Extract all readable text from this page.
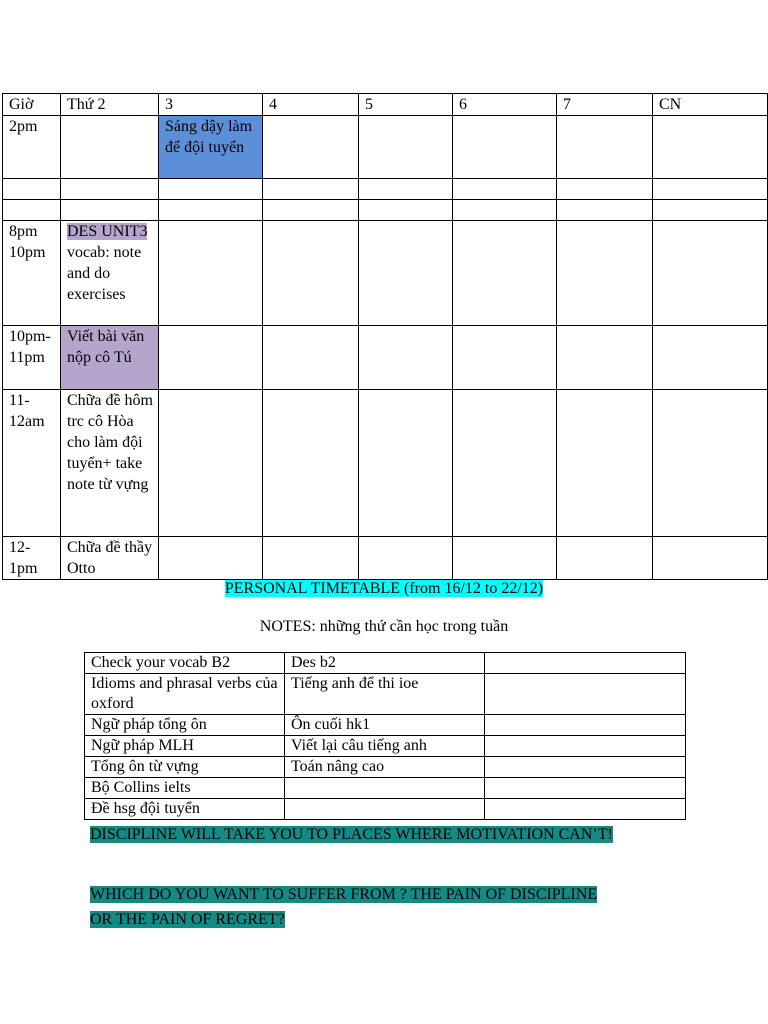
Giờ	Thứ 2	3	4	5	6	7	CN
2pm		Sáng dậy làm để đội tuyển					

8pm
10pm	DES UNIT3 vocab: note and do exercises						

10pm-
11pm	Viết bài văn nộp cô Tú						

11-
12am	Chữa đề hôm trc cô Hòa cho làm đội tuyển+ take note từ vựng						

12-
1pm	Chữa đề thầy Otto						
PERSONAL TIMETABLE (from 16/12 to 22/12)
NOTES: những thứ cần học trong tuần
Check your vocab B2	Des b2	
Idioms and phrasal verbs của oxford	Tiếng anh để thi ioe	
Ngữ pháp tổng ôn	Ôn cuối hk1	
Ngữ pháp MLH	Viết lại câu tiếng anh	
Tổng ôn từ vựng	Toán nâng cao	
Bộ Collins ielts		
Đề hsg đội tuyển		
DISCIPLINE WILL TAKE YOU TO PLACES WHERE MOTIVATION CAN’T!
WHICH DO YOU WANT TO SUFFER FROM ? THE PAIN OF DISCIPLINE
OR THE PAIN OF REGRET?
